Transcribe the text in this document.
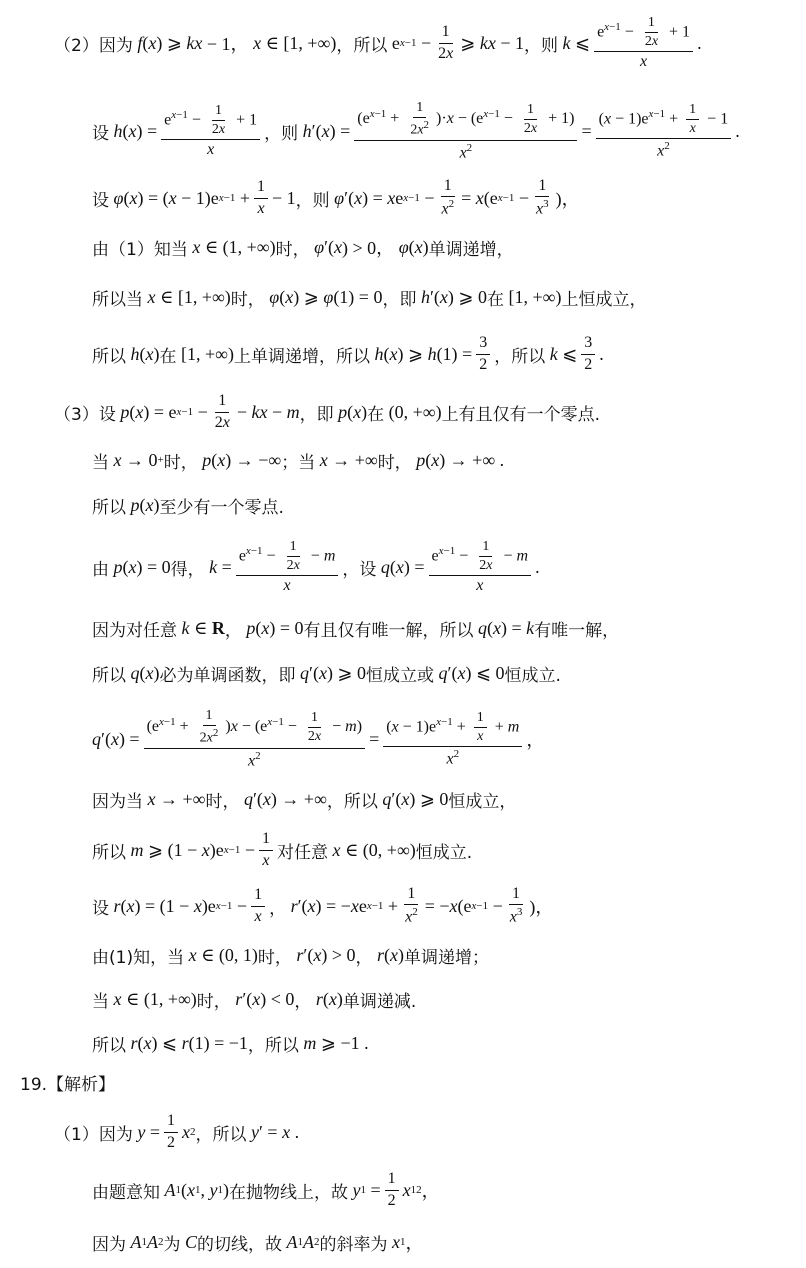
（2） 因为 f ( x ) ⩾ kx − 1， x ∈ [1, +∞) ，所以 e $x -1 - \frac{1}{2x}$ ⩾ kx − 1 ，则
k ⩽ $\frac{e^{x-1} - \frac{1}{2x} + 1}{x}$ .
设 h ( x ) = $\frac{e^{x-1} - \frac{1}{2x} + 1}{x}$ ，则 h ′( x ) = $\frac{(e^{x-1} + \frac{1}{2x^2} )\cdot x - (e^{x-1} - \frac{1}{2x} + 1)}{x^2} = \frac{(x - 1)e^{x-1} + \frac{1}{x} - 1}{x^2}$ .
设 φ ( x ) = ( x − 1)e $x -1 + \frac{1}{x} - 1$ ，则 φ ′( x ) = x e $x -1 - \frac{1}{x^2} = x$ (e $x -1 - \frac{1}{x^3}$ )，
由（1）知当 x ∈ (1, +∞) 时， φ ′( x ) > 0， φ ( x ) 单调递增，
所以当 x ∈ [1, +∞) 时， φ ( x ) ⩾ φ (1) = 0 ，即 h ′( x ) ⩾ 0 在 [1, +∞) 上恒成立，
所以 h ( x ) 在 [1, +∞) 上单调递增，所以 h ( x ) ⩾ h $(1) = \frac{3}{2}$ ，所以 k ⩽ $\frac{3}{2}$ .
（3） 设 p ( x ) = e $x -1 - \frac{1}{2x}$ − kx − m ，即 p ( x ) 在 (0, +∞) 上有且仅有一个零点.
当 x → 0 + 时， p ( x ) → −∞ ；当 x → +∞ 时， p ( x ) → +∞ .
所以 p ( x ) 至少有一个零点.
由 p ( x ) = 0 得，
$k = \frac{e^{x-1} - \frac{1}{2x} - m}{x}$ ，设 q ( x ) = $\frac{e^{x-1} - \frac{1}{2x} - m}{x}$ .
因为对任意 k ∈ R ， p ( x ) = 0 有且仅有唯一解，所以 q ( x ) = k 有唯一解，
所以 q ( x ) 必为单调函数，即 q ′( x ) ⩾ 0 恒成立或 q ′( x ) ⩽ 0 恒成立.
q ′( x ) = $\frac{(e^{x-1} + \frac{1}{2x^2} )x - (e^{x-1} - \frac{1}{2x} - m)}{x^2} = \frac{(x - 1)e^{x-1} + \frac{1}{x} + m}{x^2}$ ，
因为当 x → +∞ 时， q ′( x ) → +∞ ，所以 q ′( x ) ⩾ 0 恒成立，
所以 m ⩾ (1 − x )e $x -1 - \frac{1}{x}$ 对任意 x ∈ (0, +∞) 恒成立.
设 r ( x ) = (1 − x )e $x -1 - \frac{1}{x}$ ， r ′( x ) = − x e $x -1 + \frac{1}{x^2}$ = − x (e $x -1 - \frac{1}{x^3}$ )，
由(1)知，当 x ∈ (0, 1) 时， r ′( x ) > 0 ， r ( x ) 单调递增；
当 x ∈ (1, +∞) 时， r ′( x ) < 0 ， r ( x ) 单调递减.
所以 r ( x ) ⩽ r (1) = −1 ，所以 m ⩾ −1 .
19.【解析】
（1） 因为 $y = \frac{1}{2}$ x 2 ，所以 y ′ = x .
由题意知 A 1 ( x 1 , y 1 ) 在抛物线上，故 y $1 = \frac{1}{2}$ x 1 2 ，
因为 A 1 A 2 为 C 的切线，故 A 1 A 2 的斜率为 x 1 ，
